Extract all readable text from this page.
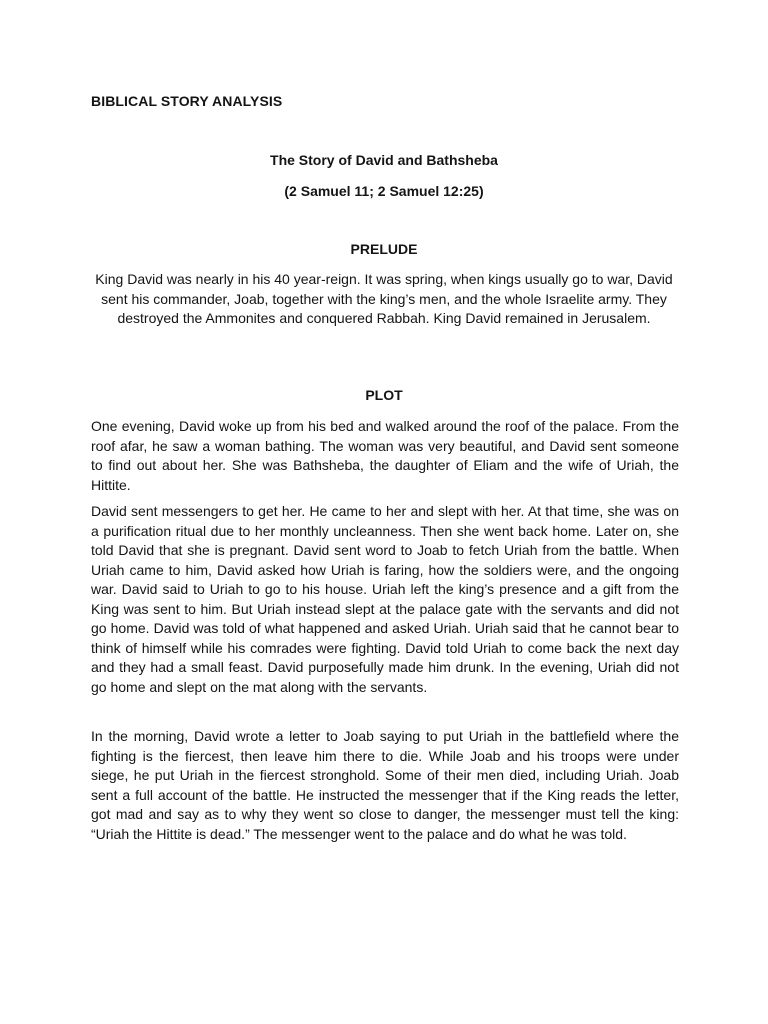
BIBLICAL STORY ANALYSIS

The Story of David and Bathsheba

(2 Samuel 11; 2 Samuel 12:25)

PRELUDE

King David was nearly in his 40 year-reign. It was spring, when kings usually go to war, David sent his commander, Joab, together with the king’s men, and the whole Israelite army. They destroyed the Ammonites and conquered Rabbah. King David remained in Jerusalem.

PLOT

One evening, David woke up from his bed and walked around the roof of the palace. From the roof afar, he saw a woman bathing. The woman was very beautiful, and David sent someone to find out about her. She was Bathsheba, the daughter of Eliam and the wife of Uriah, the Hittite.

David sent messengers to get her. He came to her and slept with her. At that time, she was on a purification ritual due to her monthly uncleanness. Then she went back home. Later on, she told David that she is pregnant. David sent word to Joab to fetch Uriah from the battle. When Uriah came to him, David asked how Uriah is faring, how the soldiers were, and the ongoing war. David said to Uriah to go to his house. Uriah left the king’s presence and a gift from the King was sent to him. But Uriah instead slept at the palace gate with the servants and did not go home. David was told of what happened and asked Uriah. Uriah said that he cannot bear to think of himself while his comrades were fighting. David told Uriah to come back the next day and they had a small feast. David purposefully made him drunk. In the evening, Uriah did not go home and slept on the mat along with the servants.

In the morning, David wrote a letter to Joab saying to put Uriah in the battlefield where the fighting is the fiercest, then leave him there to die. While Joab and his troops were under siege, he put Uriah in the fiercest stronghold. Some of their men died, including Uriah. Joab sent a full account of the battle. He instructed the messenger that if the King reads the letter, got mad and say as to why they went so close to danger, the messenger must tell the king: “Uriah the Hittite is dead.” The messenger went to the palace and do what he was told.
